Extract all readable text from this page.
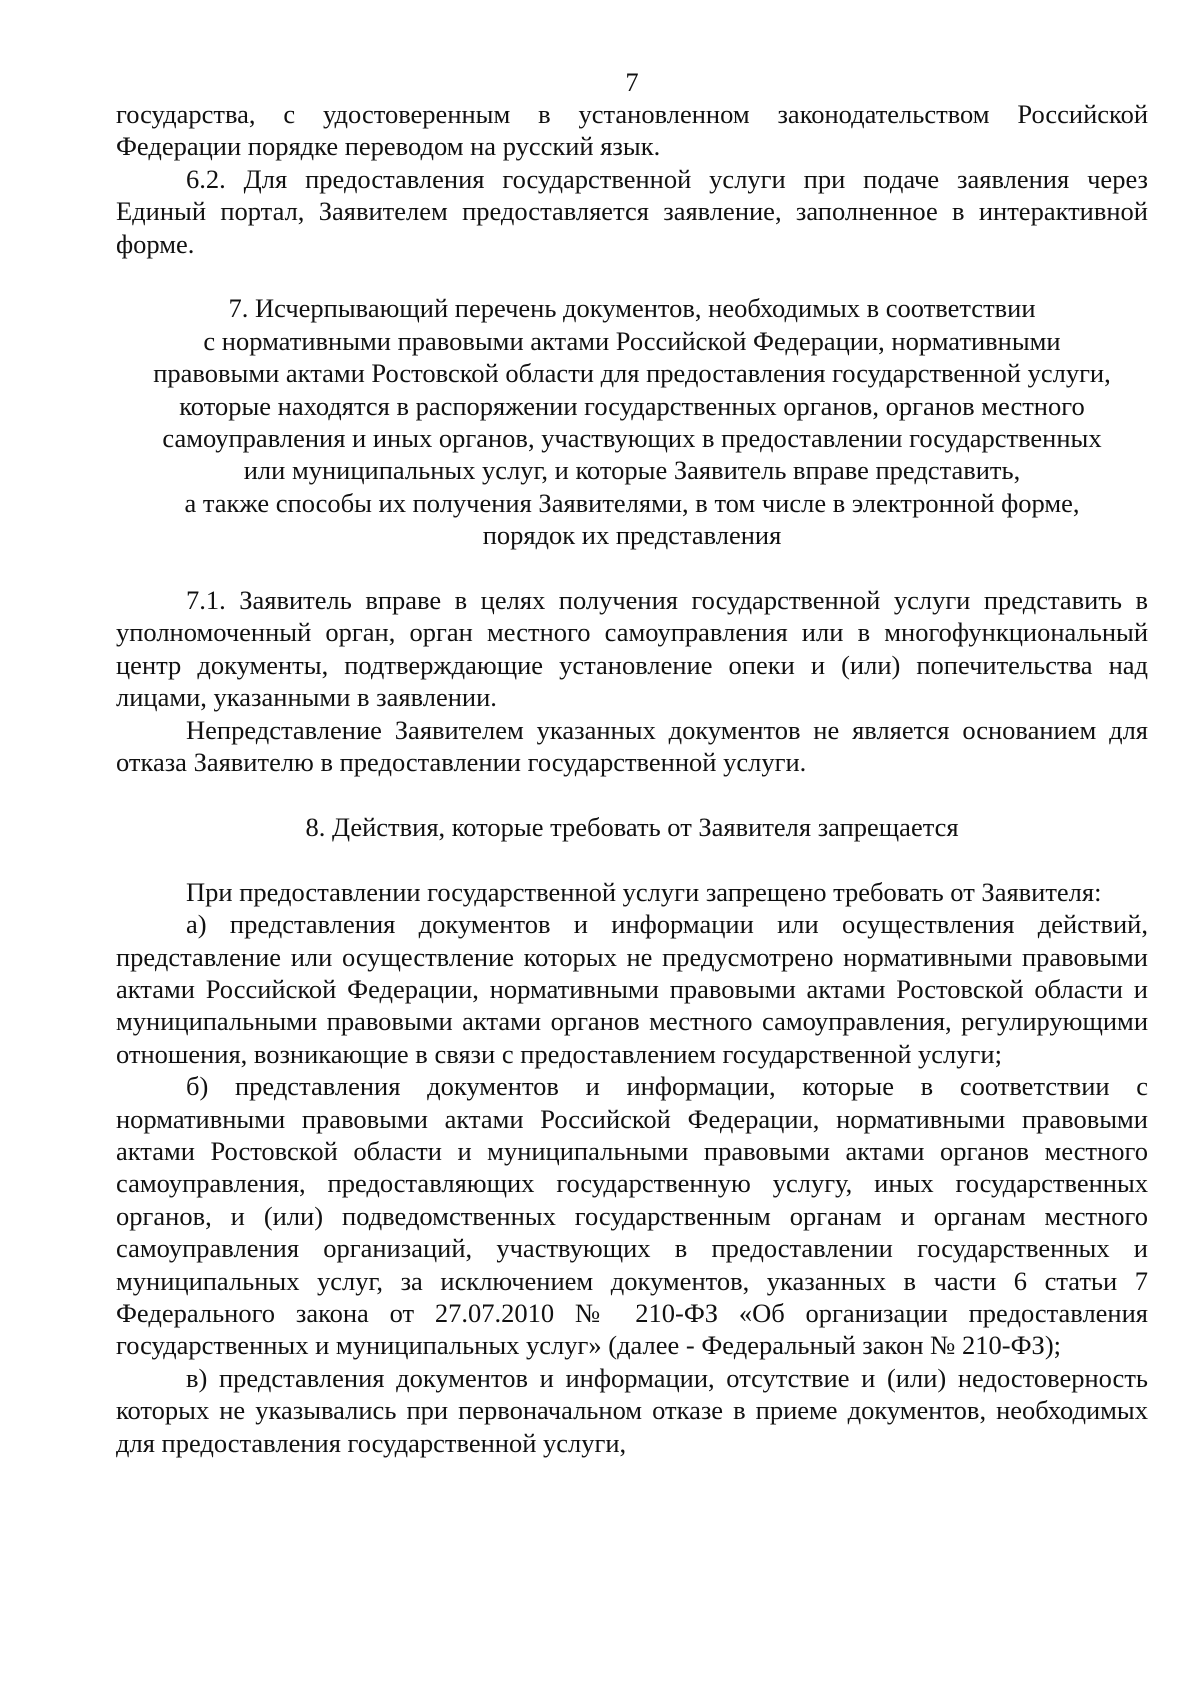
7

государства, с удостоверенным в установленном законодательством Российской Федерации порядке переводом на русский язык.

6.2. Для предоставления государственной услуги при подаче заявления через Единый портал, Заявителем предоставляется заявление, заполненное в интерактивной форме.

7. Исчерпывающий перечень документов, необходимых в соответствии
с нормативными правовыми актами Российской Федерации, нормативными
правовыми актами Ростовской области для предоставления государственной услуги,
которые находятся в распоряжении государственных органов, органов местного
самоуправления и иных органов, участвующих в предоставлении государственных
или муниципальных услуг, и которые Заявитель вправе представить,
а также способы их получения Заявителями, в том числе в электронной форме,
порядок их представления

7.1. Заявитель вправе в целях получения государственной услуги представить в уполномоченный орган, орган местного самоуправления или в многофункциональный центр документы, подтверждающие установление опеки и (или) попечительства над лицами, указанными в заявлении.

Непредставление Заявителем указанных документов не является основанием для отказа Заявителю в предоставлении государственной услуги.

8. Действия, которые требовать от Заявителя запрещается

При предоставлении государственной услуги запрещено требовать от Заявителя:

а) представления документов и информации или осуществления действий, представление или осуществление которых не предусмотрено нормативными правовыми актами Российской Федерации, нормативными правовыми актами Ростовской области и муниципальными правовыми актами органов местного самоуправления, регулирующими отношения, возникающие в связи с предоставлением государственной услуги;

б) представления документов и информации, которые в соответствии с нормативными правовыми актами Российской Федерации, нормативными правовыми актами Ростовской области и муниципальными правовыми актами органов местного самоуправления, предоставляющих государственную услугу, иных государственных органов, и (или) подведомственных государственным органам и органам местного самоуправления организаций, участвующих в предоставлении государственных и муниципальных услуг, за исключением документов, указанных в части 6 статьи 7 Федерального закона от 27.07.2010 № 210-ФЗ «Об организации предоставления государственных и муниципальных услуг» (далее - Федеральный закон № 210-ФЗ);

в) представления документов и информации, отсутствие и (или) недостоверность которых не указывались при первоначальном отказе в приеме документов, необходимых для предоставления государственной услуги,
